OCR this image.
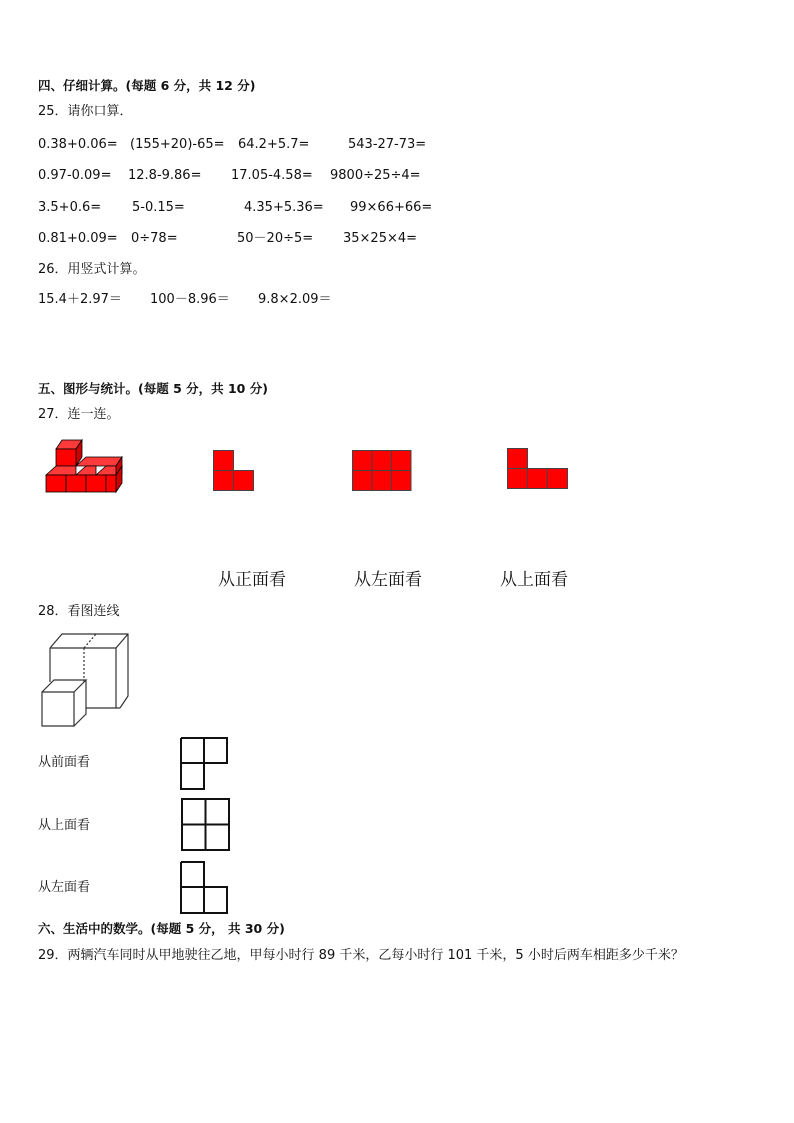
四、仔细计算。(每题 6 分，共 12 分)
25．请你口算．
0.38+0.06= (155+20)-65= 64.2+5.7=	543-27-73=
0.97-0.09= 12.8-9.86= 17.05-4.58= 9800÷25÷4=
3.5+0.6= 5-0.15=	4.35+5.36= 99×66+66=
0.81+0.09= 0÷78=	50－20÷5= 35×25×4=
26．用竖式计算。
15.4＋2.97＝ 100－8.96＝ 9.8×2.09＝
五、图形与统计。(每题 5 分，共 10 分)
27．连一连。
从正面看	从左面看	从上面看
28．看图连线
从前面看
从上面看
从左面看
六、生活中的数学。(每题 5 分， 共 30 分)
29．两辆汽车同时从甲地驶往乙地，甲每小时行 89 千米，乙每小时行 101 千米，5 小时后两车相距多少千米？
